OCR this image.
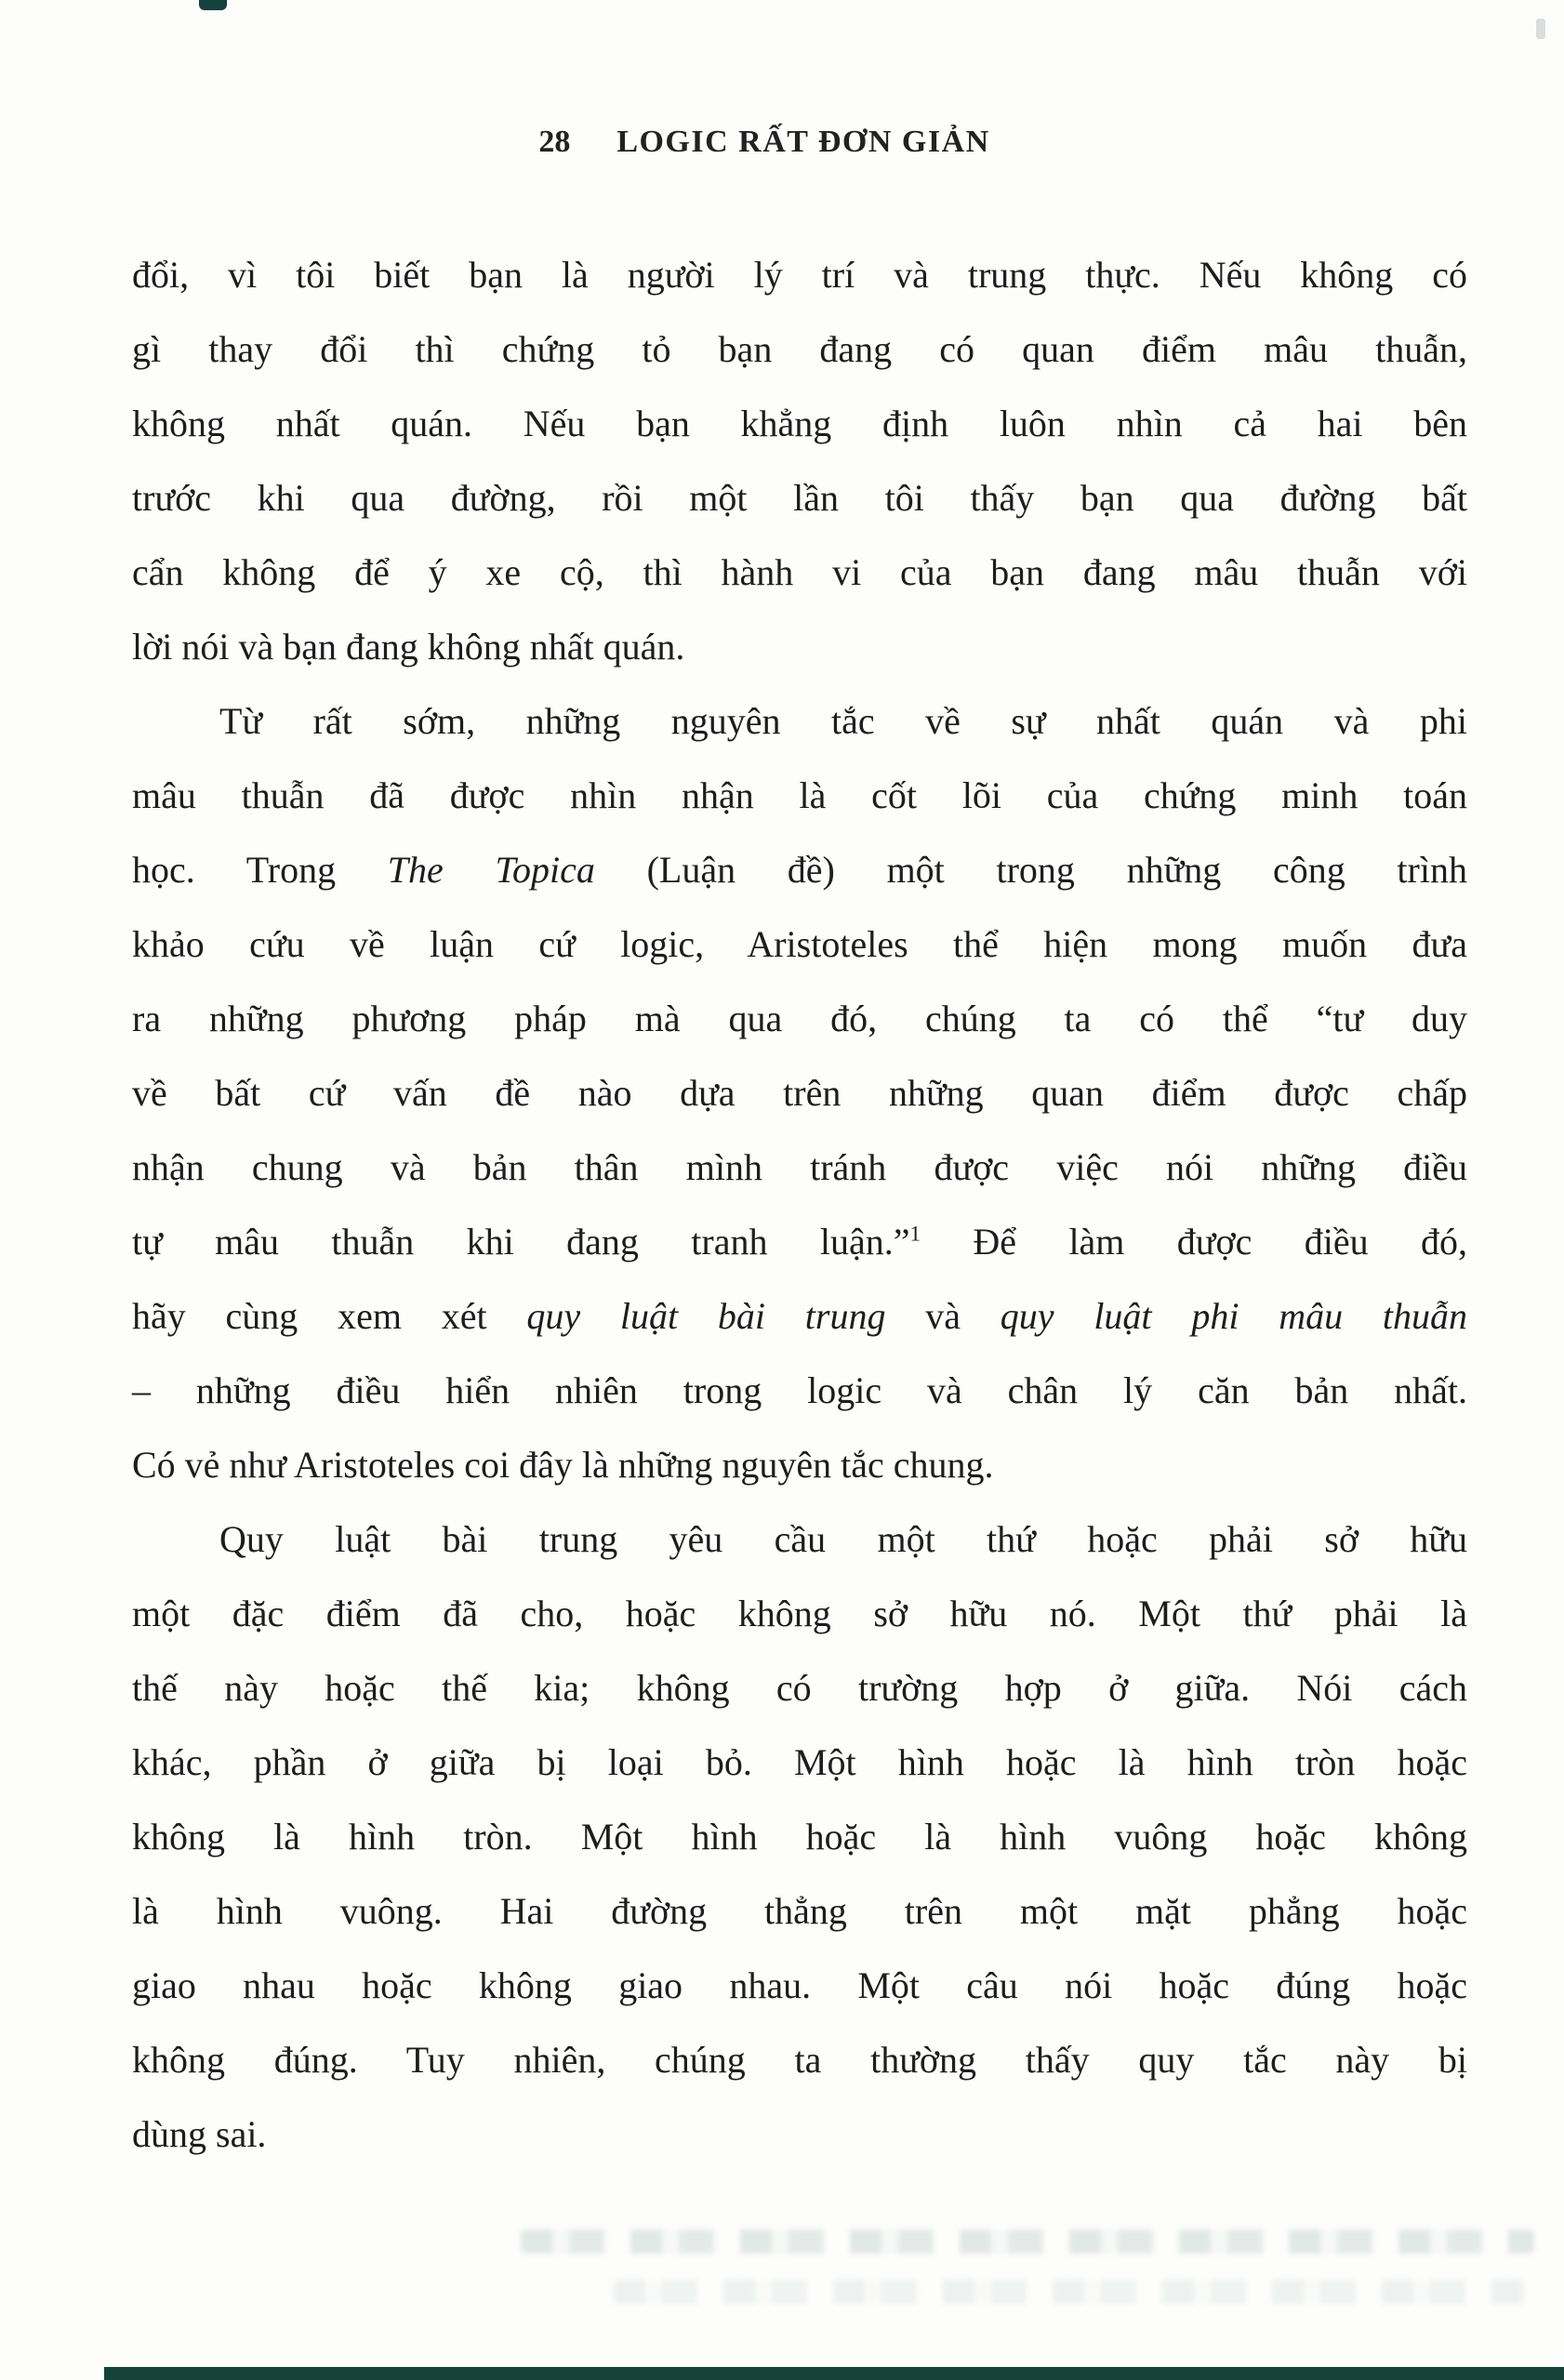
28 LOGIC RẤT ĐƠN GIẢN
đổi, vì tôi biết bạn là người lý trí và trung thực. Nếu không có
gì thay đổi thì chứng tỏ bạn đang có quan điểm mâu thuẫn,
không nhất quán. Nếu bạn khẳng định luôn nhìn cả hai bên
trước khi qua đường, rồi một lần tôi thấy bạn qua đường bất
cẩn không để ý xe cộ, thì hành vi của bạn đang mâu thuẫn với
lời nói và bạn đang không nhất quán.
Từ rất sớm, những nguyên tắc về sự nhất quán và phi
mâu thuẫn đã được nhìn nhận là cốt lõi của chứng minh toán
học. Trong The Topica (Luận đề) một trong những công trình
khảo cứu về luận cứ logic, Aristoteles thể hiện mong muốn đưa
ra những phương pháp mà qua đó, chúng ta có thể “tư duy
về bất cứ vấn đề nào dựa trên những quan điểm được chấp
nhận chung và bản thân mình tránh được việc nói những điều
tự mâu thuẫn khi đang tranh luận.”$^1$ Để làm được điều đó,
hãy cùng xem xét quy luật bài trung và quy luật phi mâu thuẫn
– những điều hiển nhiên trong logic và chân lý căn bản nhất.
Có vẻ như Aristoteles coi đây là những nguyên tắc chung.
Quy luật bài trung yêu cầu một thứ hoặc phải sở hữu
một đặc điểm đã cho, hoặc không sở hữu nó. Một thứ phải là
thế này hoặc thế kia; không có trường hợp ở giữa. Nói cách
khác, phần ở giữa bị loại bỏ. Một hình hoặc là hình tròn hoặc
không là hình tròn. Một hình hoặc là hình vuông hoặc không
là hình vuông. Hai đường thẳng trên một mặt phẳng hoặc
giao nhau hoặc không giao nhau. Một câu nói hoặc đúng hoặc
không đúng. Tuy nhiên, chúng ta thường thấy quy tắc này bị
dùng sai.
